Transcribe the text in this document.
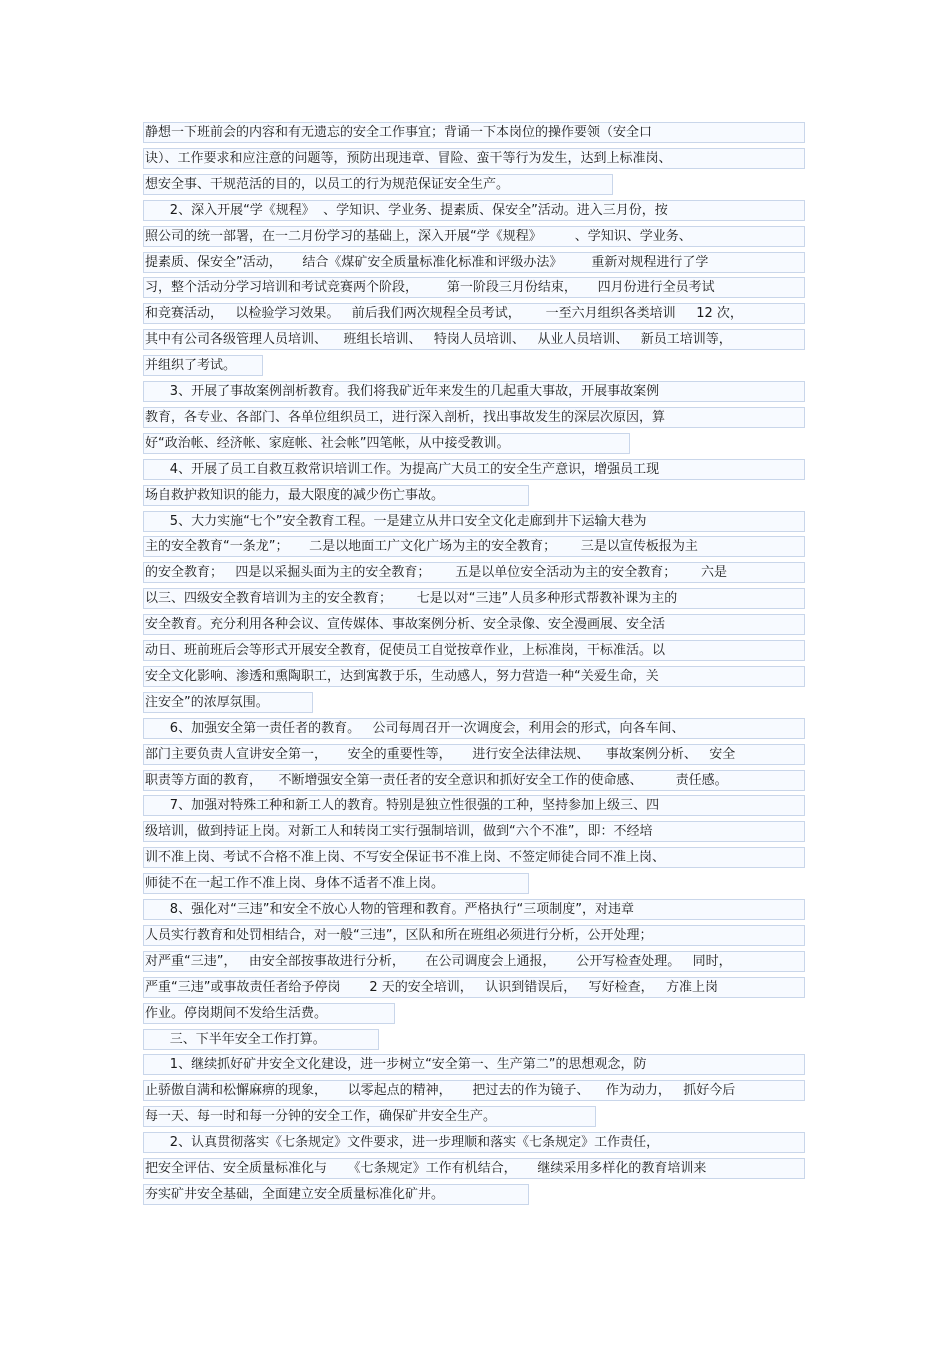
静想一下班前会的内容和有无遗忘的安全工作事宜；背诵一下本岗位的操作要领（安全口
诀）、工作要求和应注意的问题等，预防出现违章、冒险、蛮干等行为发生，达到上标准岗、
想安全事、干规范活的目的，以员工的行为规范保证安全生产。
2、深入开展“学《规程》  、学知识、学业务、提素质、保安全”活动。进入三月份，按
照公司的统一部署，在一二月份学习的基础上，深入开展“学《规程》        、学知识、学业务、
提素质、保安全”活动，     结合《煤矿安全质量标准化标准和评级办法》       重新对规程进行了学
习，整个活动分学习培训和考试竞赛两个阶段，       第一阶段三月份结束，     四月份进行全员考试
和竞赛活动，   以检验学习效果。   前后我们两次规程全员考试，      一至六月组织各类培训     12 次，
其中有公司各级管理人员培训、    班组长培训、   特岗人员培训、   从业人员培训、   新员工培训等，
并组织了考试。
3、开展了事故案例剖析教育。我们将我矿近年来发生的几起重大事故，开展事故案例
教育，各专业、各部门、各单位组织员工，进行深入剖析，找出事故发生的深层次原因，算
好“政治帐、经济帐、家庭帐、社会帐”四笔帐，从中接受教训。
4、开展了员工自救互救常识培训工作。为提高广大员工的安全生产意识，增强员工现
场自救护救知识的能力，最大限度的减少伤亡事故。
5、大力实施“七个”安全教育工程。一是建立从井口安全文化走廊到井下运输大巷为
主的安全教育“一条龙”；     二是以地面工广文化广场为主的安全教育；      三是以宣传板报为主
的安全教育；   四是以采掘头面为主的安全教育；      五是以单位安全活动为主的安全教育；      六是
以三、四级安全教育培训为主的安全教育；      七是以对“三违”人员多种形式帮教补课为主的
安全教育。充分利用各种会议、宣传媒体、事故案例分析、安全录像、安全漫画展、安全活
动日、班前班后会等形式开展安全教育，促使员工自觉按章作业，上标准岗，干标准活。以
安全文化影响、渗透和熏陶职工，达到寓教于乐，生动感人，努力营造一种“关爱生命，关
注安全”的浓厚氛围。
6、加强安全第一责任者的教育。   公司每周召开一次调度会，利用会的形式，向各车间、
部门主要负责人宣讲安全第一，     安全的重要性等，     进行安全法律法规、    事故案例分析、   安全
职责等方面的教育，    不断增强安全第一责任者的安全意识和抓好安全工作的使命感、        责任感。
7、加强对特殊工种和新工人的教育。特别是独立性很强的工种，坚持参加上级三、四
级培训，做到持证上岗。对新工人和转岗工实行强制培训，做到“六个不准”，即：不经培
训不准上岗、考试不合格不准上岗、不写安全保证书不准上岗、不签定师徒合同不准上岗、
师徒不在一起工作不准上岗、身体不适者不准上岗。
8、强化对“三违”和安全不放心人物的管理和教育。严格执行“三项制度”，对违章
人员实行教育和处罚相结合，对一般“三违”，区队和所在班组必须进行分析，公开处理；
对严重“三违”，   由安全部按事故进行分析，     在公司调度会上通报，     公开写检查处理。   同时，
严重“三违”或事故责任者给予停岗       2 天的安全培训，   认识到错误后，   写好检查，   方准上岗
作业。停岗期间不发给生活费。
三、下半年安全工作打算。
1、继续抓好矿井安全文化建设，进一步树立“安全第一、生产第二”的思想观念，防
止骄傲自满和松懈麻痹的现象，     以零起点的精神，     把过去的作为镜子、    作为动力，   抓好今后
每一天、每一时和每一分钟的安全工作，确保矿井安全生产。
2、认真贯彻落实《七条规定》文件要求，进一步理顺和落实《七条规定》工作责任，
把安全评估、安全质量标准化与     《七条规定》工作有机结合，     继续采用多样化的教育培训来
夯实矿井安全基础，全面建立安全质量标准化矿井。
